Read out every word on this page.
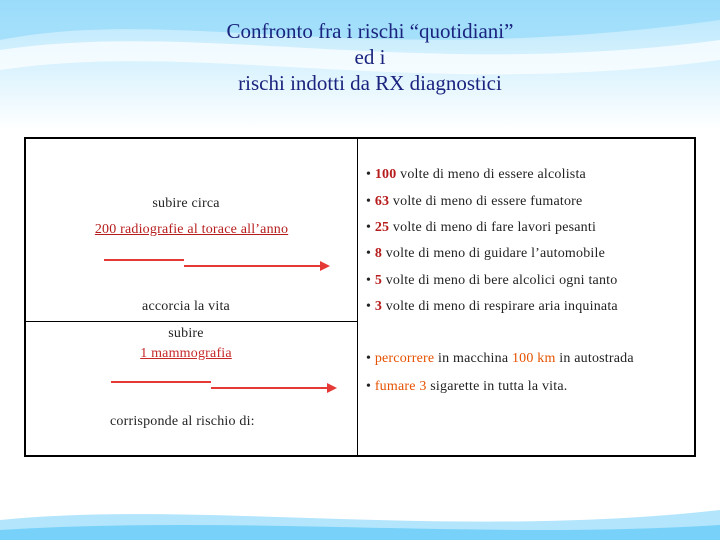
Confronto fra i rischi “quotidiani”
ed i
rischi indotti da RX diagnostici
subire circa
200 radiografie al torace all’anno
accorcia la vita
subire
1 mammografia
corrisponde al rischio di:
• 100 volte di meno di essere alcolista
• 63 volte di meno di essere fumatore
• 25 volte di meno di fare lavori pesanti
• 8 volte di meno di guidare l’automobile
• 5 volte di meno di bere alcolici ogni tanto
• 3 volte di meno di respirare aria inquinata
• percorrere in macchina 100 km in autostrada
• fumare 3 sigarette in tutta la vita.
